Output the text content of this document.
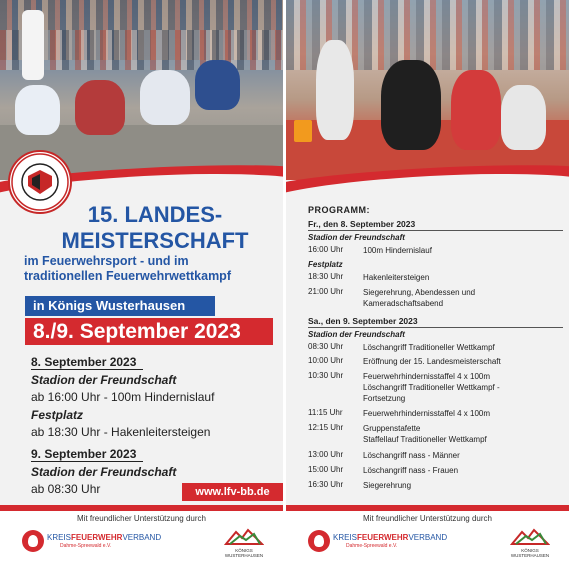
15. LANDES-
MEISTERSCHAFT
im Feuerwehrsport - und im
traditionellen Feuerwehrwettkampf
in Königs Wusterhausen
8./9. September 2023
8. September 2023
Stadion der Freundschaft
ab 16:00 Uhr - 100m Hindernislauf
Festplatz
ab 18:30 Uhr - Hakenleitersteigen
9. September 2023
Stadion der Freundschaft
ab 08:30 Uhr	www.lfv-bb.de
Mit freundlicher Unterstützung durch
KREISFEUERWEHRVERBAND
Dahme-Spreewald e.V.
KÖNIGS WUSTERHAUSEN
PROGRAMM:
Fr., den 8. September 2023
Stadion der Freundschaft
16:00 Uhr 100m Hindernislauf
Festplatz
18:30 Uhr Hakenleitersteigen
21:00 Uhr Siegerehrung, Abendessen und
Kameradschaftsabend
Sa., den 9. September 2023
Stadion der Freundschaft
08:30 Uhr Löschangriff Traditioneller Wettkampf
10:00 Uhr Eröffnung der 15. Landesmeisterschaft
10:30 Uhr Feuerwehrhindernisstaffel 4 x 100m
Löschangriff Traditioneller Wettkampf -
Fortsetzung
11:15 Uhr	Feuerwehrhindernisstaffel 4 x 100m
12:15 Uhr Gruppenstafette
Staffellauf Traditioneller Wettkampf
13:00 Uhr Löschangriff nass - Männer
15:00 Uhr Löschangriff nass - Frauen
16:30 Uhr Siegerehrung
Mit freundlicher Unterstützung durch
KREISFEUERWEHRVERBAND
Dahme-Spreewald e.V.
KÖNIGS WUSTERHAUSEN
